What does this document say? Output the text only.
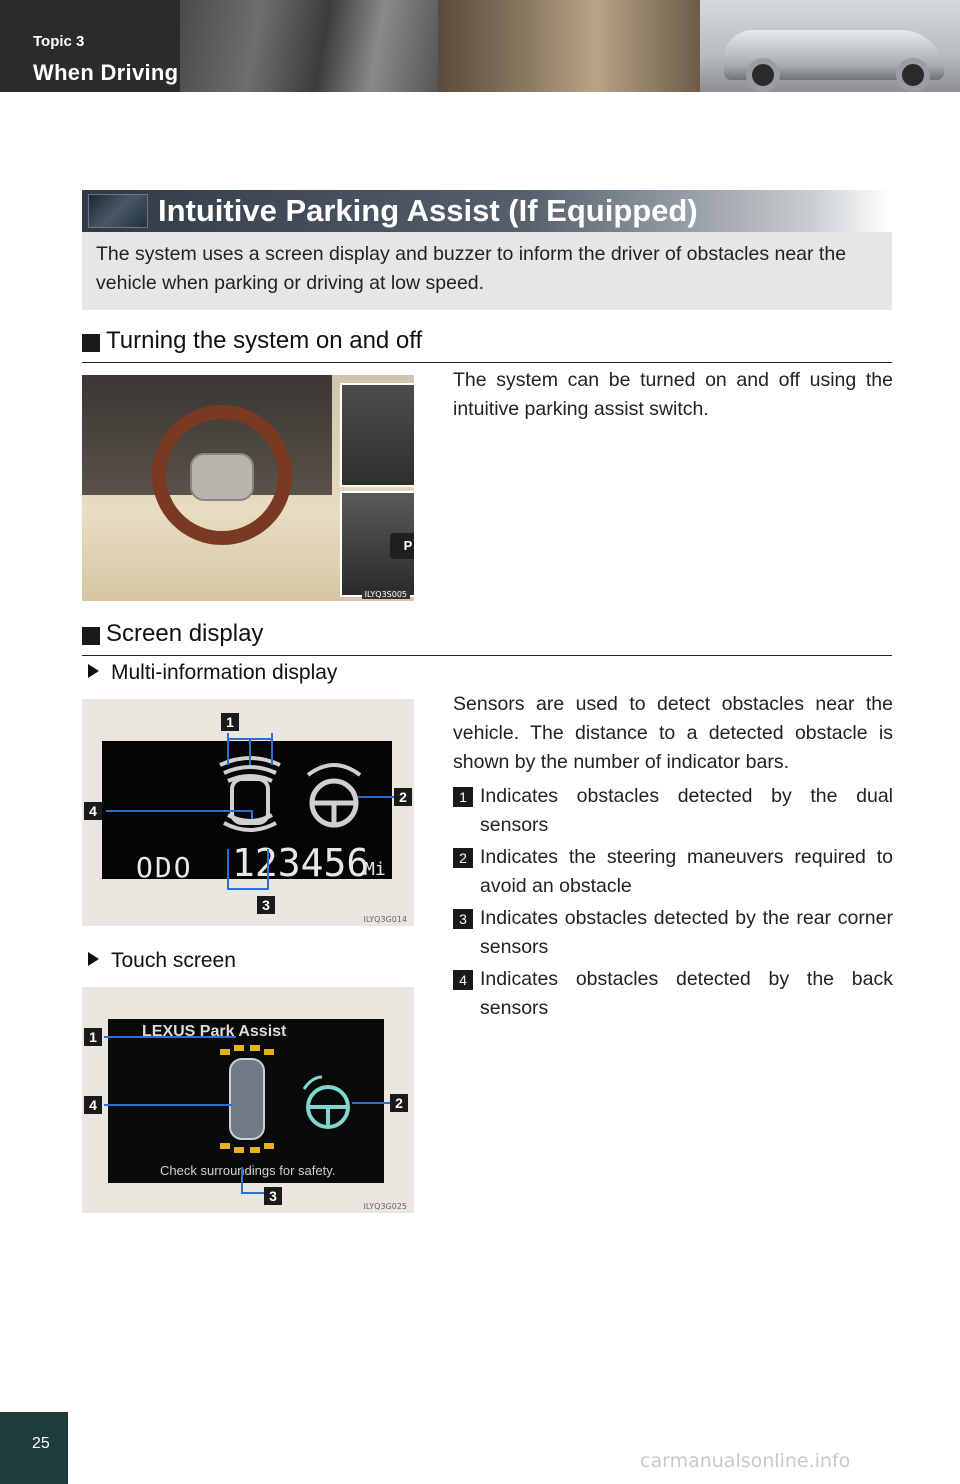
Topic 3
When Driving
Intuitive Parking Assist (If Equipped)

The system uses a screen display and buzzer to inform the driver of obstacles near the vehicle when parking or driving at low speed.

Turning the system on and off
P
ILYQ3S005
The system can be turned on and off using the intuitive parking assist switch.
Screen display
Multi-information display
ODO 123456
Mi
1
2
3
4
ILYQ3G014
Touch screen
LEXUS Park Assist
Check surroundings for safety.
1
2
3
4
ILYQ3G025
Sensors are used to detect obstacles near the vehicle. The distance to a detected obstacle is shown by the number of indicator bars.
1 Indicates obstacles detected by the dual sensors
2 Indicates the steering maneuvers required to avoid an obstacle
3 Indicates obstacles detected by the rear corner sensors
4 Indicates obstacles detected by the back sensors
25
carmanualsonline.info
